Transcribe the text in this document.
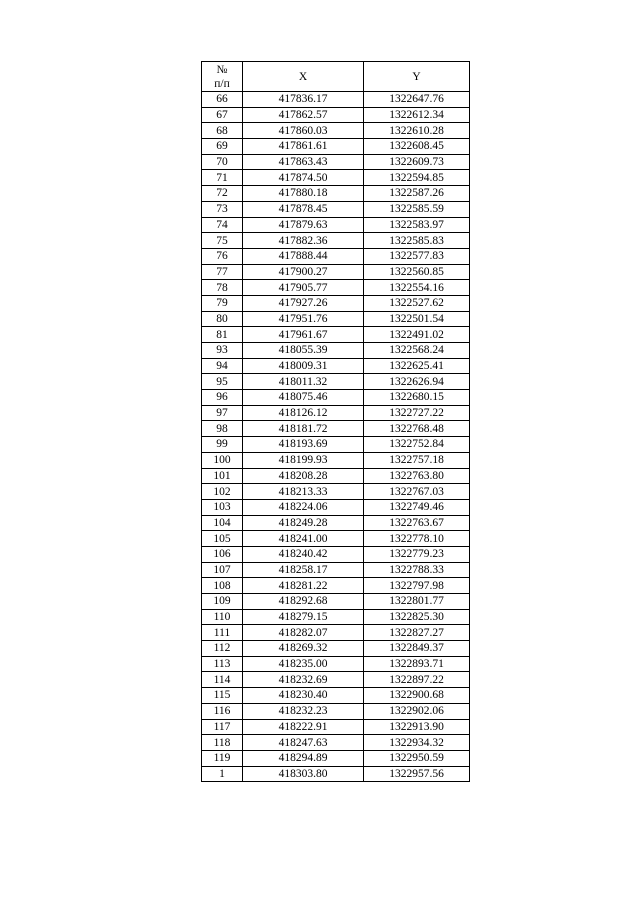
№
п/п	X	Y
66	417836.17	1322647.76
67	417862.57	1322612.34
68	417860.03	1322610.28
69	417861.61	1322608.45
70	417863.43	1322609.73
71	417874.50	1322594.85
72	417880.18	1322587.26
73	417878.45	1322585.59
74	417879.63	1322583.97
75	417882.36	1322585.83
76	417888.44	1322577.83
77	417900.27	1322560.85
78	417905.77	1322554.16
79	417927.26	1322527.62
80	417951.76	1322501.54
81	417961.67	1322491.02
93	418055.39	1322568.24
94	418009.31	1322625.41
95	418011.32	1322626.94
96	418075.46	1322680.15
97	418126.12	1322727.22
98	418181.72	1322768.48
99	418193.69	1322752.84
100	418199.93	1322757.18
101	418208.28	1322763.80
102	418213.33	1322767.03
103	418224.06	1322749.46
104	418249.28	1322763.67
105	418241.00	1322778.10
106	418240.42	1322779.23
107	418258.17	1322788.33
108	418281.22	1322797.98
109	418292.68	1322801.77
110	418279.15	1322825.30
111	418282.07	1322827.27
112	418269.32	1322849.37
113	418235.00	1322893.71
114	418232.69	1322897.22
115	418230.40	1322900.68
116	418232.23	1322902.06
117	418222.91	1322913.90
118	418247.63	1322934.32
119	418294.89	1322950.59
1	418303.80	1322957.56
